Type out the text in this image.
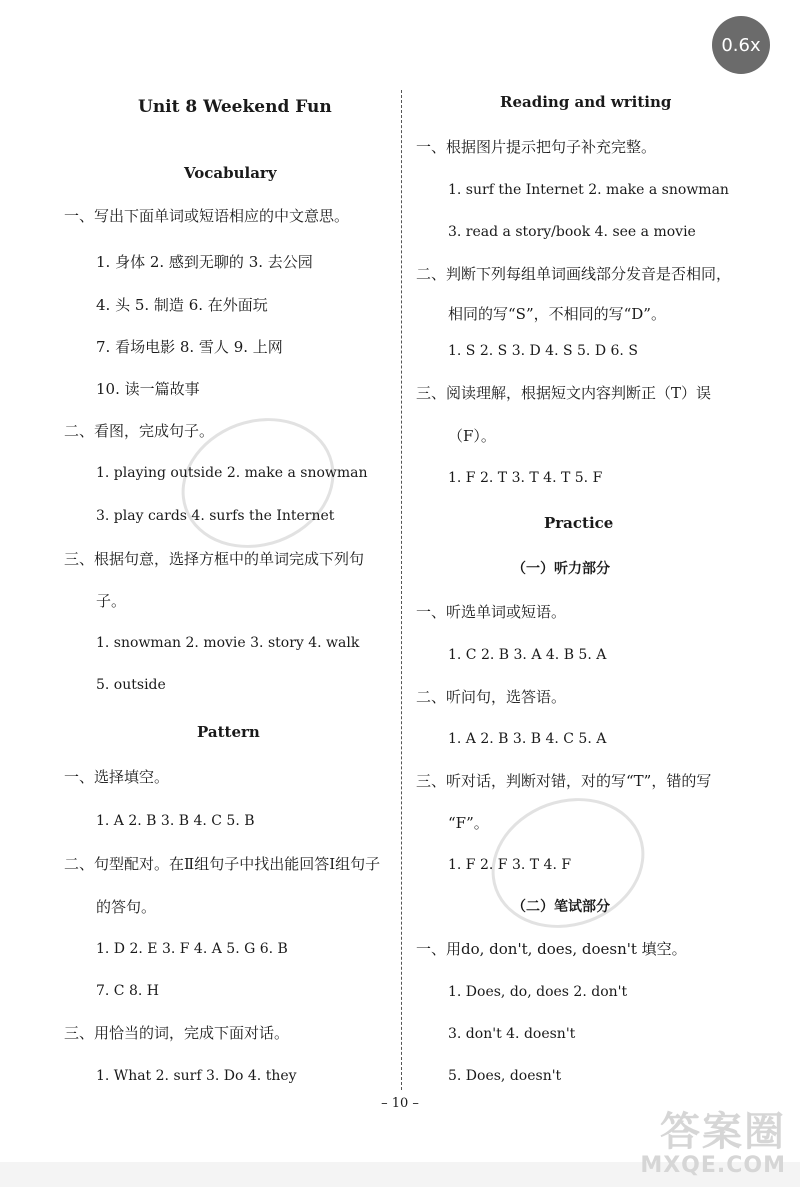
0.6x
Unit 8 Weekend Fun
Vocabulary
一、写出下面单词或短语相应的中文意思。
1. 身体 2. 感到无聊的 3. 去公园
4. 头 5. 制造 6. 在外面玩
7. 看场电影 8. 雪人 9. 上网
10. 读一篇故事
二、看图，完成句子。
1. playing outside 2. make a snowman
3. play cards 4. surfs the Internet
三、根据句意，选择方框中的单词完成下列句
子。
1. snowman 2. movie 3. story 4. walk
5. outside
Pattern
一、选择填空。
1. A 2. B 3. B 4. C 5. B
二、句型配对。在Ⅱ组句子中找出能回答Ⅰ组句子
的答句。
1. D 2. E 3. F 4. A 5. G 6. B
7. C 8. H
三、用恰当的词，完成下面对话。
1. What 2. surf 3. Do 4. they
Reading and writing
一、根据图片提示把句子补充完整。
1. surf the Internet 2. make a snowman
3. read a story/book 4. see a movie
二、判断下列每组单词画线部分发音是否相同，
相同的写“S”，不相同的写“D”。
1. S 2. S 3. D 4. S 5. D 6. S
三、阅读理解，根据短文内容判断正（T）误
（F）。
1. F 2. T 3. T 4. T 5. F
Practice
（一）听力部分
一、听选单词或短语。
1. C 2. B 3. A 4. B 5. A
二、听问句，选答语。
1. A 2. B 3. B 4. C 5. A
三、听对话，判断对错，对的写“T”，错的写
“F”。
1. F 2. F 3. T 4. F
（二）笔试部分
一、用do, don't, does, doesn't 填空。
1. Does, do, does 2. don't
3. don't 4. doesn't
5. Does, doesn't
– 10 –
答案圈
MXQE.COM
